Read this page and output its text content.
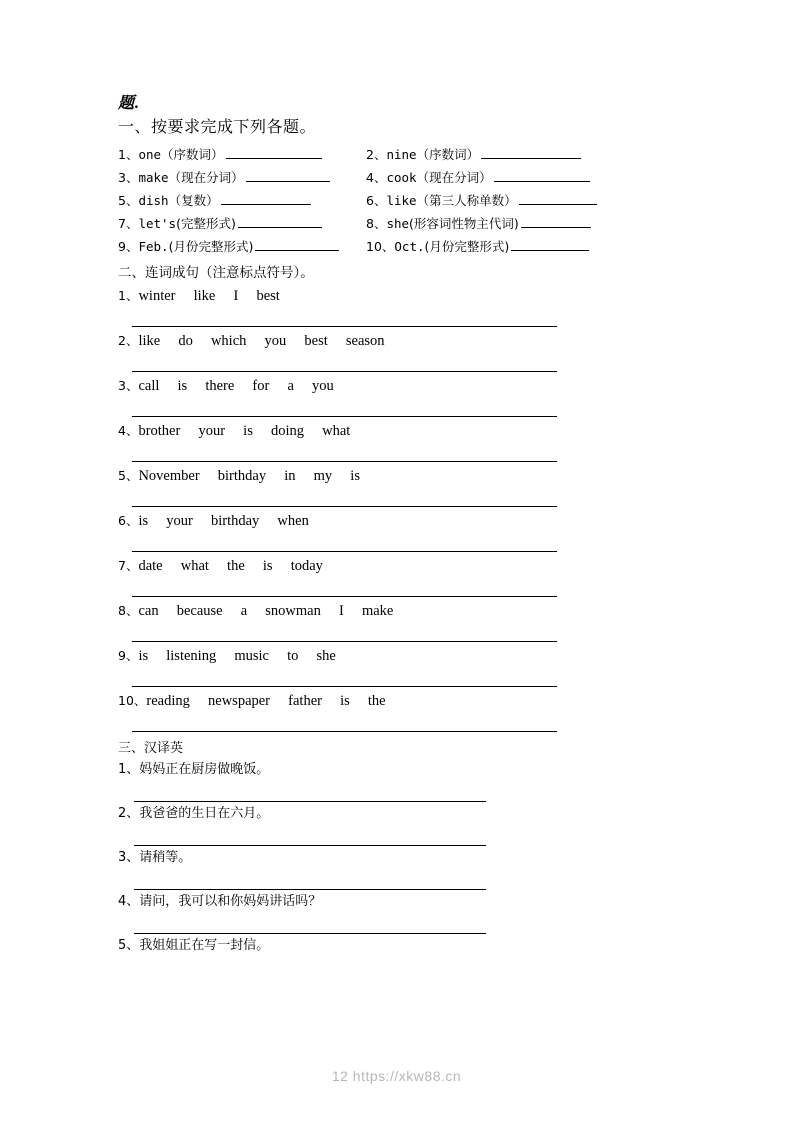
题.
一、按要求完成下列各题。
1、 one （序数词）	2、 nine （序数词）
3、 make （现在分词）	4、 cook （现在分词）
5、 dish （复数）	6、 like （第三人称单数）
7、 let's (完整形式)	8、 she (形容词性物主代词)
9、 Feb. (月份完整形式)	10、 Oct. (月份完整形式)
二、连词成句（注意标点符号）。
1、winter like I best
2、like do which you best season
3、call is there for a you
4、brother your is doing what
5、November birthday in my is
6、is your birthday when
7、date what the is today
8、can because a snowman I make
9、is listening music to she
10、reading newspaper father is the
三、汉译英
1、妈妈正在厨房做晚饭。
2、我爸爸的生日在六月。
3、请稍等。
4、请问，我可以和你妈妈讲话吗？
5、我姐姐正在写一封信。
12 https://xkw88.cn
